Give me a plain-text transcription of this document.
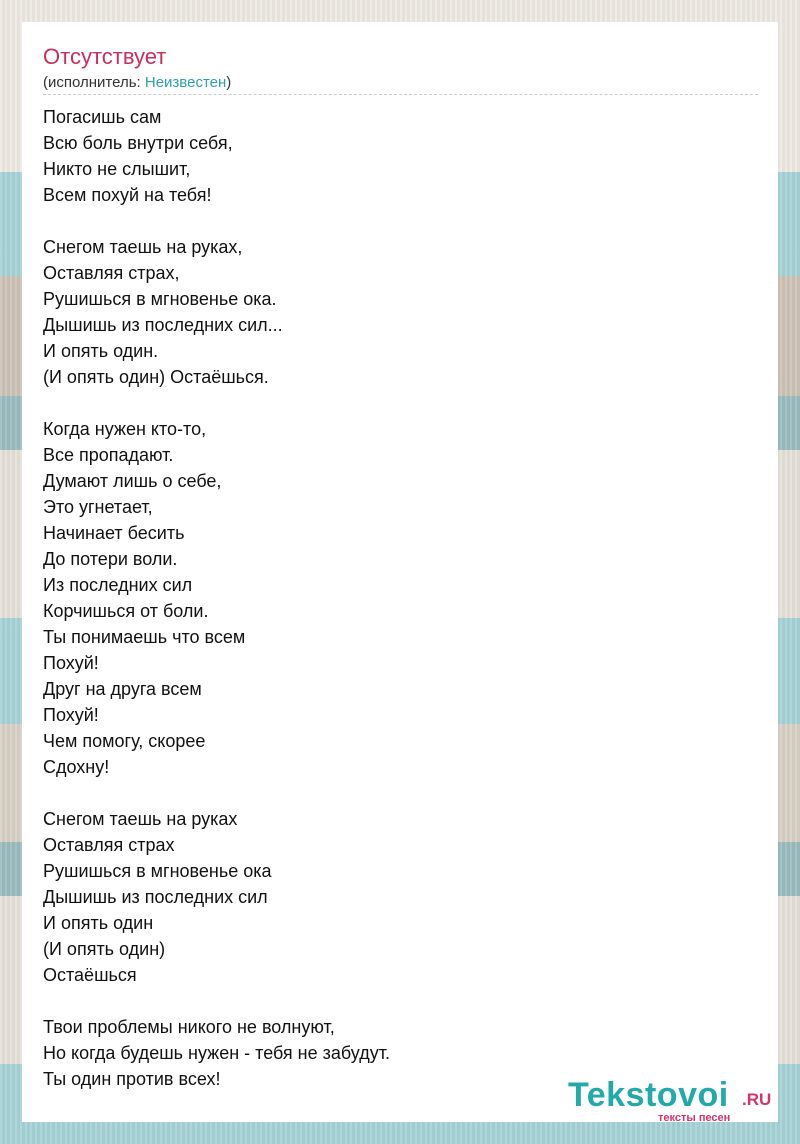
Отсутствует
(исполнитель: Неизвестен)
Погасишь сам
Всю боль внутри себя,
Никто не слышит,
Всем похуй на тебя!
Снегом таешь на руках,
Оставляя страх,
Рушишься в мгновенье ока.
Дышишь из последних сил...
И опять один.
(И опять один) Остаёшься.
Когда нужен кто-то,
Все пропадают.
Думают лишь о себе,
Это угнетает,
Начинает бесить
До потери воли.
Из последних сил
Корчишься от боли.
Ты понимаешь что всем
Похуй!
Друг на друга всем
Похуй!
Чем помогу, скорее
Сдохну!
Снегом таешь на руках
Оставляя страх
Рушишься в мгновенье ока
Дышишь из последних сил
И опять один
(И опять один)
Остаёшься
Твои проблемы никого не волнуют,
Но когда будешь нужен - тебя не забудут.
Ты один против всех!	Tekstovoi .RU
тексты песен
